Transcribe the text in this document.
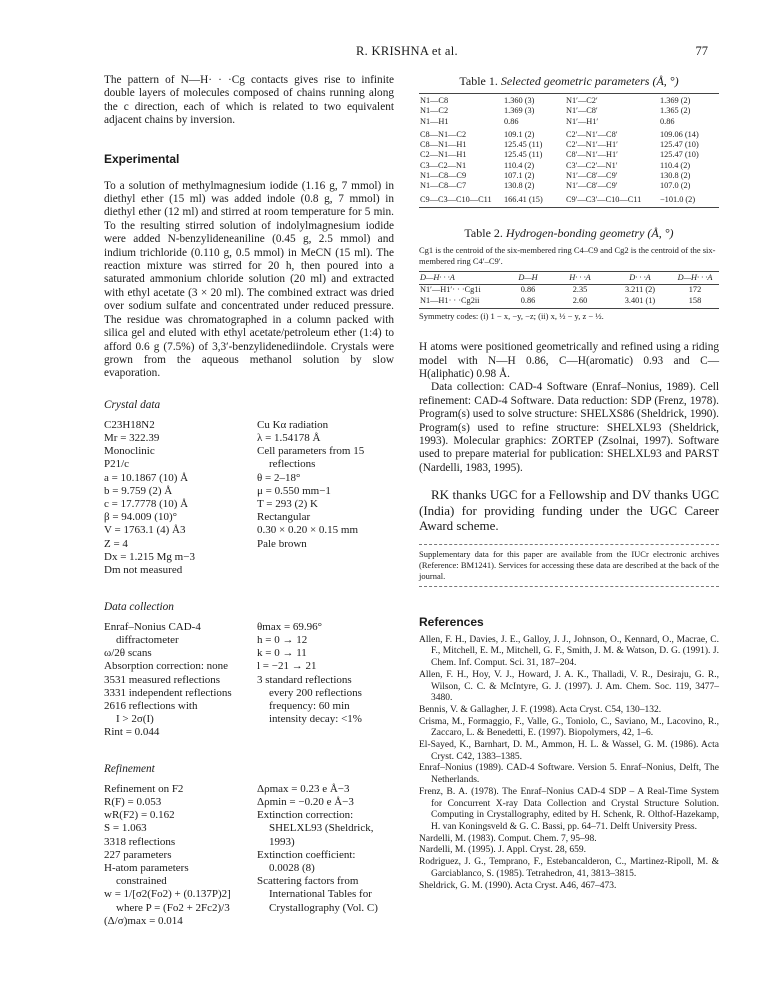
R. KRISHNA et al.	77

The pattern of N—H· · ·Cg contacts gives rise to infinite double layers of molecules composed of chains running along the c direction, each of which is related to two equivalent adjacent chains by inversion.

Experimental

To a solution of methylmagnesium iodide (1.16 g, 7 mmol) in diethyl ether (15 ml) was added indole (0.8 g, 7 mmol) in diethyl ether (12 ml) and stirred at room temperature for 5 min. To the resulting stirred solution of indolylmagnesium iodide were added N-benzylideneaniline (0.45 g, 2.5 mmol) and indium trichloride (0.110 g, 0.5 mmol) in MeCN (15 ml). The reaction mixture was stirred for 20 h, then poured into a saturated ammonium chloride solution (20 ml) and extracted with ethyl acetate (3 × 20 ml). The combined extract was dried over sodium sulfate and concentrated under reduced pressure. The residue was chromatographed in a column packed with silica gel and eluted with ethyl acetate/petroleum ether (1:4) to afford 0.6 g (7.5%) of 3,3′-benzylidenediindole. Crystals were grown from the aqueous methanol solution by slow evaporation.

Crystal data
C23H18N2
Mr = 322.39
Monoclinic
P21/c
a = 10.1867 (10) Å
b = 9.759 (2) Å
c = 17.7778 (10) Å
β = 94.009 (10)°
V = 1763.1 (4) Å3
Z = 4
Dx = 1.215 Mg m−3
Dm not measured
Cu Kα radiation
λ = 1.54178 Å
Cell parameters from 15
reflections
θ = 2–18°
μ = 0.550 mm−1
T = 293 (2) K
Rectangular
0.30 × 0.20 × 0.15 mm
Pale brown
Data collection
Enraf–Nonius CAD-4
diffractometer
ω/2θ scans
Absorption correction: none
3531 measured reflections
3331 independent reflections
2616 reflections with
I > 2σ(I)
Rint = 0.044
θmax = 69.96°
h = 0 → 12
k = 0 → 11
l = −21 → 21
3 standard reflections
every 200 reflections
frequency: 60 min
intensity decay: <1%
Refinement
Refinement on F2
R(F) = 0.053
wR(F2) = 0.162
S = 1.063
3318 reflections
227 parameters
H-atom parameters
constrained
w = 1/[σ2(Fo2) + (0.137P)2]
where P = (Fo2 + 2Fc2)/3
(Δ/σ)max = 0.014
Δρmax = 0.23 e Å−3
Δρmin = −0.20 e Å−3
Extinction correction:
SHELXL93 (Sheldrick,
1993)
Extinction coefficient:
0.0028 (8)
Scattering factors from
International Tables for
Crystallography (Vol. C)
Table 1. Selected geometric parameters (Å, °)
N1—C8	1.360 (3)	N1′—C2′	1.369 (2)
N1—C2	1.369 (3)	N1′—C8′	1.365 (2)
N1—H1	0.86	N1′—H1′	0.86
C8—N1—C2	109.1 (2)	C2′—N1′—C8′	109.06 (14)
C8—N1—H1	125.45 (11)	C2′—N1′—H1′	125.47 (10)
C2—N1—H1	125.45 (11)	C8′—N1′—H1′	125.47 (10)
C3—C2—N1	110.4 (2)	C3′—C2′—N1′	110.4 (2)
N1—C8—C9	107.1 (2)	N1′—C8′—C9′	130.8 (2)
N1—C8—C7	130.8 (2)	N1′—C8′—C9′	107.0 (2)
C9—C3—C10—C11	166.41 (15)	C9′—C3′—C10—C11	−101.0 (2)
Table 2. Hydrogen-bonding geometry (Å, °)
Cg1 is the centroid of the six-membered ring C4–C9 and Cg2 is the centroid of the six-membered ring C4′–C9′.
D—H· · ·A	D—H	H· · ·A	D· · ·A	D—H· · ·A
N1′—H1′· · ·Cg1i	0.86	2.35	3.211 (2)	172
N1—H1· · ·Cg2ii	0.86	2.60	3.401 (1)	158
Symmetry codes: (i) 1 − x, −y, −z; (ii) x, ½ − y, z − ½.

H atoms were positioned geometrically and refined using a riding model with N—H 0.86, C—H(aromatic) 0.93 and C—H(aliphatic) 0.98 Å.

Data collection: CAD-4 Software (Enraf–Nonius, 1989). Cell refinement: CAD-4 Software. Data reduction: SDP (Frenz, 1978). Program(s) used to solve structure: SHELXS86 (Sheldrick, 1990). Program(s) used to refine structure: SHELXL93 (Sheldrick, 1993). Molecular graphics: ZORTEP (Zsolnai, 1997). Software used to prepare material for publication: SHELXL93 and PARST (Nardelli, 1983, 1995).

RK thanks UGC for a Fellowship and DV thanks UGC (India) for providing funding under the UGC Career Award scheme.

Supplementary data for this paper are available from the IUCr electronic archives (Reference: BM1241). Services for accessing these data are described at the back of the journal.

References
Allen, F. H., Davies, J. E., Galloy, J. J., Johnson, O., Kennard, O., Macrae, C. F., Mitchell, E. M., Mitchell, G. F., Smith, J. M. & Watson, D. G. (1991). J. Chem. Inf. Comput. Sci. 31, 187–204.
Allen, F. H., Hoy, V. J., Howard, J. A. K., Thalladi, V. R., Desiraju, G. R., Wilson, C. C. & McIntyre, G. J. (1997). J. Am. Chem. Soc. 119, 3477–3480.
Bennis, V. & Gallagher, J. F. (1998). Acta Cryst. C54, 130–132.
Crisma, M., Formaggio, F., Valle, G., Toniolo, C., Saviano, M., Lacovino, R., Zaccaro, L. & Benedetti, E. (1997). Biopolymers, 42, 1–6.
El-Sayed, K., Barnhart, D. M., Ammon, H. L. & Wassel, G. M. (1986). Acta Cryst. C42, 1383–1385.
Enraf–Nonius (1989). CAD-4 Software. Version 5. Enraf–Nonius, Delft, The Netherlands.
Frenz, B. A. (1978). The Enraf–Nonius CAD-4 SDP – A Real-Time System for Concurrent X-ray Data Collection and Crystal Structure Solution. Computing in Crystallography, edited by H. Schenk, R. Olthof-Hazekamp, H. van Koningsveld & G. C. Bassi, pp. 64–71. Delft University Press.
Nardelli, M. (1983). Comput. Chem. 7, 95–98.
Nardelli, M. (1995). J. Appl. Cryst. 28, 659.
Rodriguez, J. G., Temprano, F., Estebancalderon, C., Martinez-Ripoll, M. & Garciablanco, S. (1985). Tetrahedron, 41, 3813–3815.
Sheldrick, G. M. (1990). Acta Cryst. A46, 467–473.
